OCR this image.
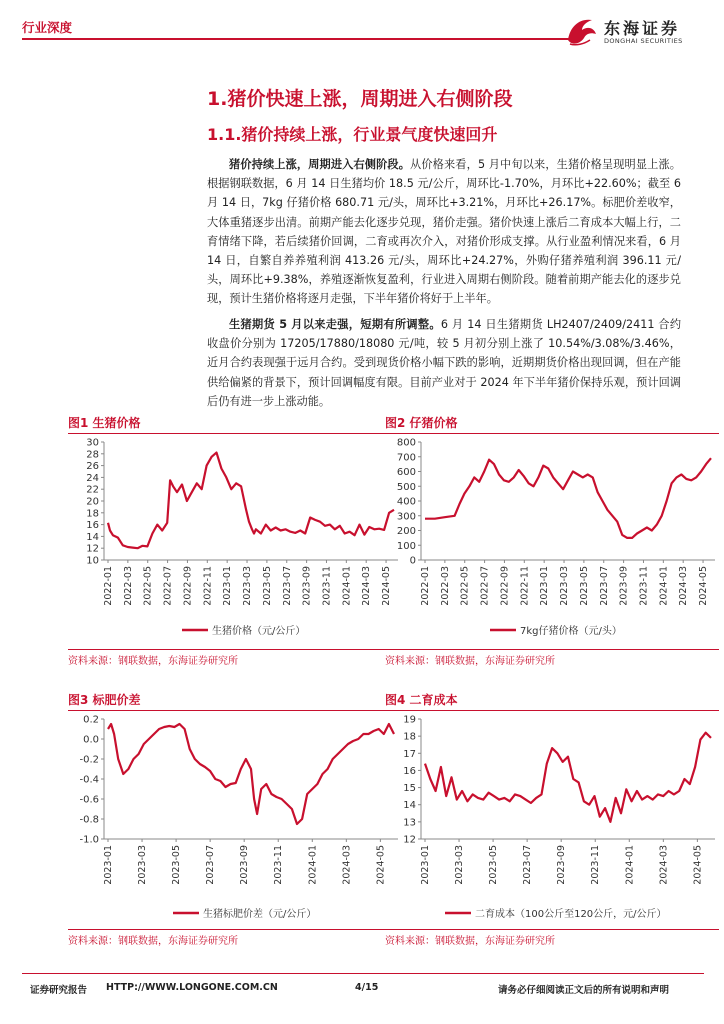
行业深度	东海证券
DONGHAI SECURITIES
1.猪价快速上涨，周期进入右侧阶段
1.1.猪价持续上涨，行业景气度快速回升
猪价持续上涨，周期进入右侧阶段。从价格来看，5 月中旬以来，生猪价格呈现明显上涨。根据钢联数据，6 月 14 日生猪均价 18.5 元/公斤，周环比-1.70%，月环比+22.60%；截至 6 月 14 日，7kg 仔猪价格 680.71 元/头，周环比+3.21%，月环比+26.17%。标肥价差收窄，大体重猪逐步出清。前期产能去化逐步兑现，猪价走强。猪价快速上涨后二育成本大幅上行，二育情绪下降，若后续猪价回调，二育或再次介入，对猪价形成支撑。从行业盈利情况来看，6 月 14 日，自繁自养养殖利润 413.26 元/头，周环比+24.27%，外购仔猪养殖利润 396.11 元/头，周环比+9.38%，养殖逐渐恢复盈利，行业进入周期右侧阶段。随着前期产能去化的逐步兑现，预计生猪价格将逐月走强，下半年猪价将好于上半年。
生猪期货 5 月以来走强，短期有所调整。6 月 14 日生猪期货 LH2407/2409/2411 合约收盘价分别为 17205/17880/18080 元/吨，较 5 月初分别上涨了 10.54%/3.08%/3.46%，近月合约表现强于远月合约。受到现货价格小幅下跌的影响，近期期货价格出现回调，但在产能供给偏紧的背景下，预计回调幅度有限。目前产业对于 2024 年下半年猪价保持乐观，预计回调后仍有进一步上涨动能。
图1 生猪价格
10
12
14
16
18
20
22
24
26
28
30
2022-01 2022-03 2022-05 2022-07 2022-09 2022-11 2023-01 2023-03 2023-05 2023-07 2023-09 2023-11 2024-01 2024-03 2024-05
生猪价格（元/公斤）
资料来源：钢联数据，东海证券研究所
图2 仔猪价格
0
100
200
300
400
500
600
700
800
2022-01 2022-03 2022-05 2022-07 2022-09 2022-11 2023-01 2023-03 2023-05 2023-07 2023-09 2023-11 2024-01 2024-03 2024-05
7kg仔猪价格（元/头）
资料来源：钢联数据，东海证券研究所
图3 标肥价差
0.2
0.0
-0.2
-0.4
-0.6
-0.8
-1.0
2023-01 2023-03 2023-05 2023-07 2023-09 2023-11 2024-01 2024-03 2024-05
生猪标肥价差（元/公斤）
资料来源：钢联数据，东海证券研究所
图4 二育成本
12
13
14
15
16
17
18
19
2023-01 2023-03 2023-05 2023-07 2023-09 2023-11 2024-01 2024-03 2024-05
二育成本（100公斤至120公斤，元/公斤）
资料来源：钢联数据，东海证券研究所
证券研究报告 HTTP://WWW.LONGONE.COM.CN	4/15	请务必仔细阅读正文后的所有说明和声明
